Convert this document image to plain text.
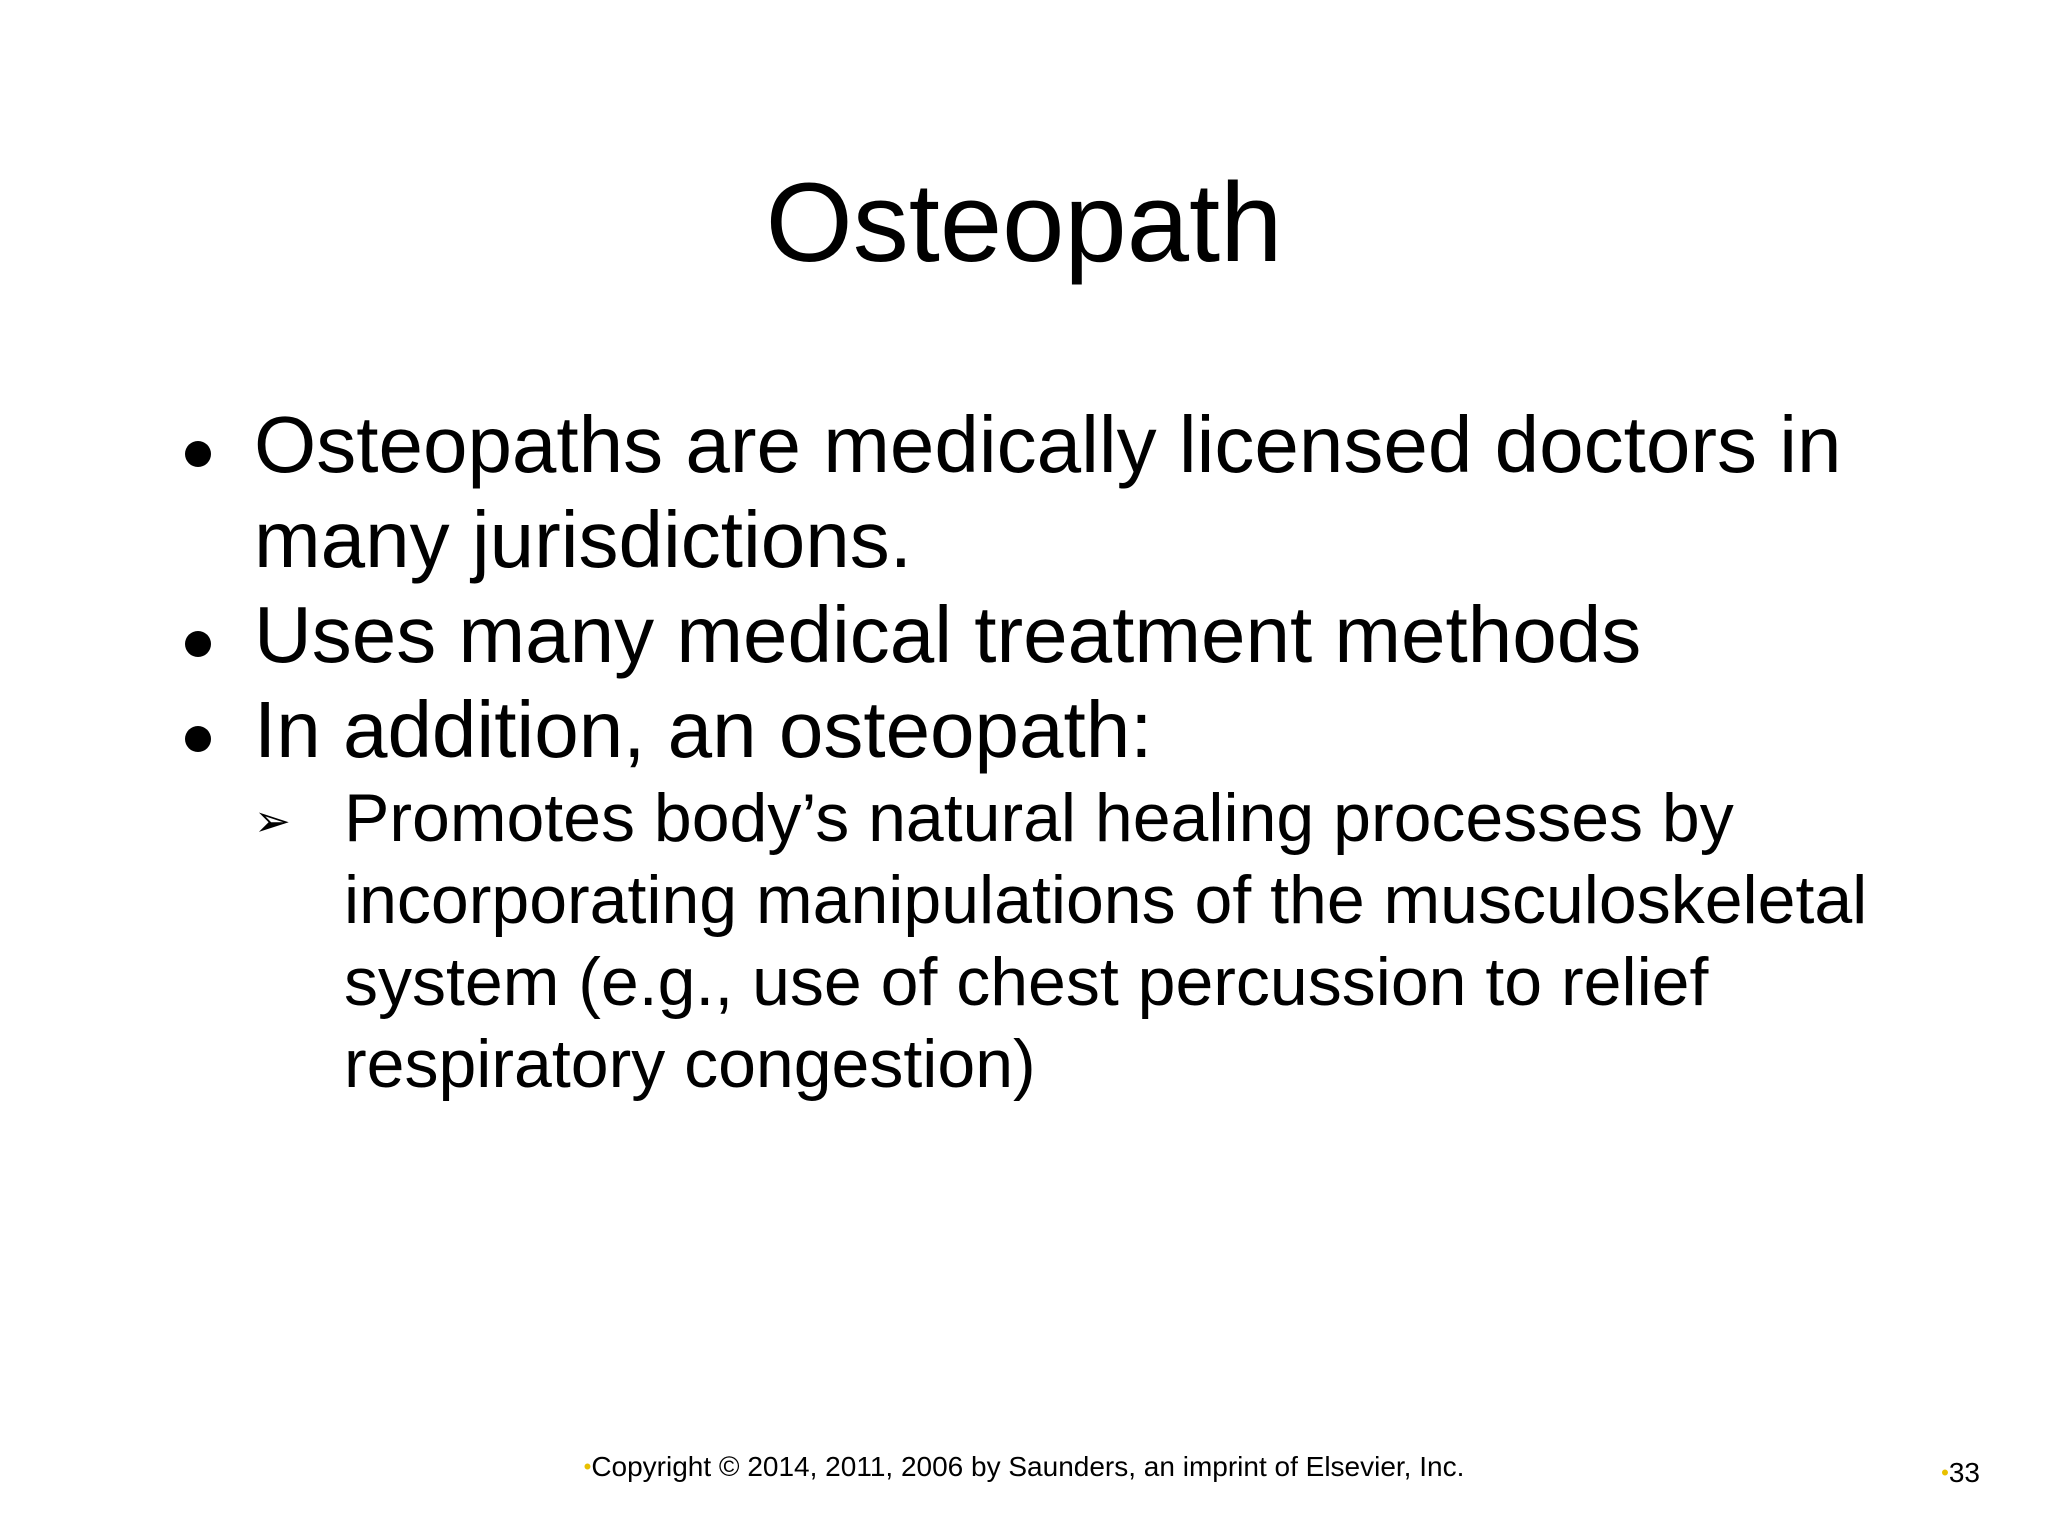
Osteopath
Osteopaths are medically licensed doctors in many jurisdictions.
Uses many medical treatment methods
In addition, an osteopath:
➢ Promotes body’s natural healing processes by incorporating manipulations of the musculoskeletal system (e.g., use of chest percussion to relief respiratory congestion)
•Copyright © 2014, 2011, 2006 by Saunders, an imprint of Elsevier, Inc.	•33
